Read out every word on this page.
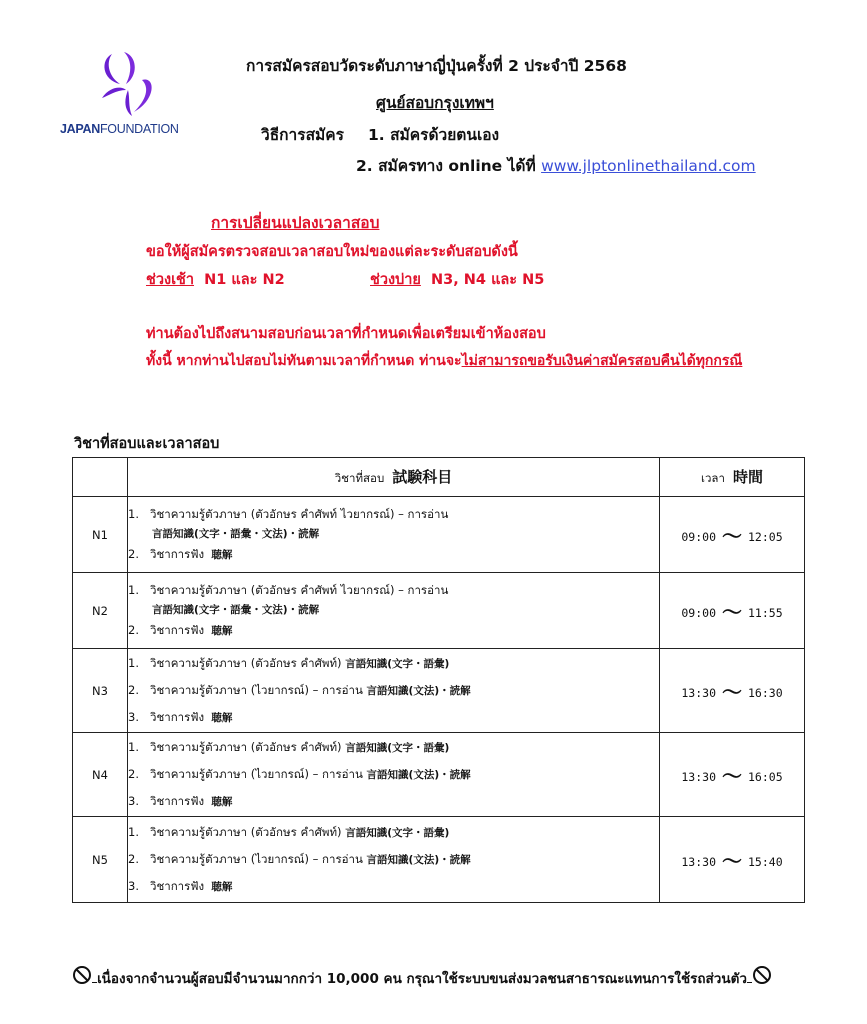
JAPANFOUNDATION
การสมัครสอบวัดระดับภาษาญี่ปุ่นครั้งที่ 2 ประจำปี 2568
ศูนย์สอบกรุงเทพฯ
วิธีการสมัคร 1. สมัครด้วยตนเอง
2. สมัครทาง online ได้ที่ www.jlptonlinethailand.com
การเปลี่ยนแปลงเวลาสอบ
ขอให้ผู้สมัครตรวจสอบเวลาสอบใหม่ของแต่ละระดับสอบดังนี้
ช่วงเช้า N1 และ N2	ช่วงบ่าย N3, N4 และ N5
ท่านต้องไปถึงสนามสอบก่อนเวลาที่กำหนดเพื่อเตรียมเข้าห้องสอบ
ทั้งนี้ หากท่านไปสอบไม่ทันตามเวลาที่กำหนด ท่านจะไม่สามารถขอรับเงินค่าสมัครสอบคืนได้ทุกกรณี
วิชาที่สอบและเวลาสอบ
	วิชาที่สอบ 試験科目	เวลา 時間
N1	1. วิชาความรู้ตัวภาษา (ตัวอักษร คำศัพท์ ไวยากรณ์) – การอ่าน
言語知識(文字・語彙・文法)・読解
2. วิชาการฟัง 聴解	09:00 〜 12:05
N2	1. วิชาความรู้ตัวภาษา (ตัวอักษร คำศัพท์ ไวยากรณ์) – การอ่าน
言語知識(文字・語彙・文法)・読解
2. วิชาการฟัง 聴解	09:00 〜 11:55
N3	1. วิชาความรู้ตัวภาษา (ตัวอักษร คำศัพท์) 言語知識(文字・語彙)
2. วิชาความรู้ตัวภาษา (ไวยากรณ์) – การอ่าน 言語知識(文法)・読解
3. วิชาการฟัง 聴解	13:30 〜 16:30
N4	1. วิชาความรู้ตัวภาษา (ตัวอักษร คำศัพท์) 言語知識(文字・語彙)
2. วิชาความรู้ตัวภาษา (ไวยากรณ์) – การอ่าน 言語知識(文法)・読解
3. วิชาการฟัง 聴解	13:30 〜 16:05
N5	1. วิชาความรู้ตัวภาษา (ตัวอักษร คำศัพท์) 言語知識(文字・語彙)
2. วิชาความรู้ตัวภาษา (ไวยากรณ์) – การอ่าน 言語知識(文法)・読解
3. วิชาการฟัง 聴解	13:30 〜 15:40
เนื่องจากจำนวนผู้สอบมีจำนวนมากกว่า 10,000 คน กรุณาใช้ระบบขนส่งมวลชนสาธารณะแทนการใช้รถส่วนตัว
